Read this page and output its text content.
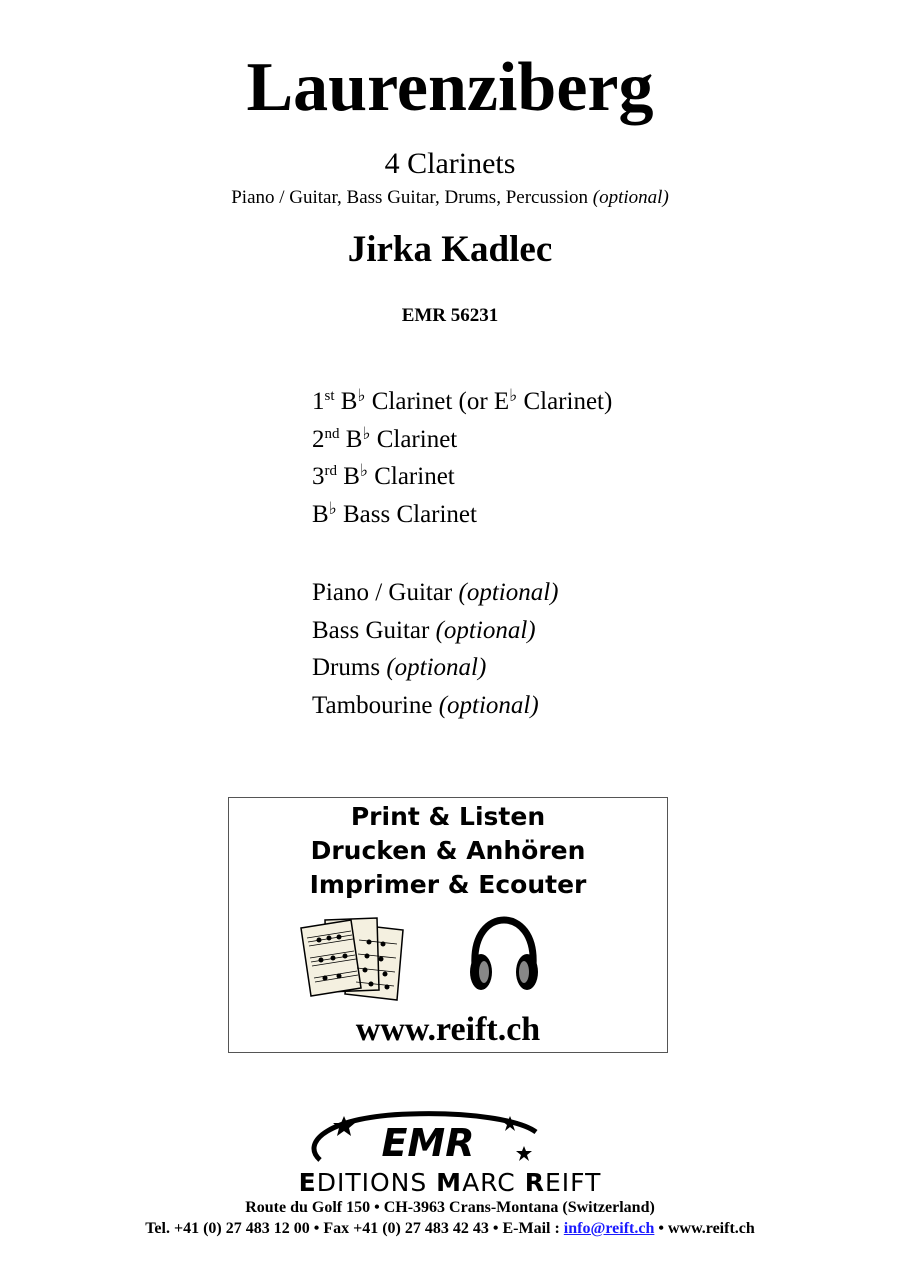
Laurenziberg
4 Clarinets
Piano / Guitar, Bass Guitar, Drums, Percussion (optional)
Jirka Kadlec
EMR 56231
1st B♭ Clarinet (or E♭ Clarinet)
2nd B♭ Clarinet
3rd B♭ Clarinet
B♭ Bass Clarinet
Piano / Guitar (optional)
Bass Guitar (optional)
Drums (optional)
Tambourine (optional)
Print & Listen
Drucken & Anhören
Imprimer & Ecouter
www.reift.ch
EMR
EDITIONS MARC REIFT
Route du Golf 150 • CH-3963 Crans-Montana (Switzerland)
Tel. +41 (0) 27 483 12 00 • Fax +41 (0) 27 483 42 43 • E-Mail : info@reift.ch • www.reift.ch
